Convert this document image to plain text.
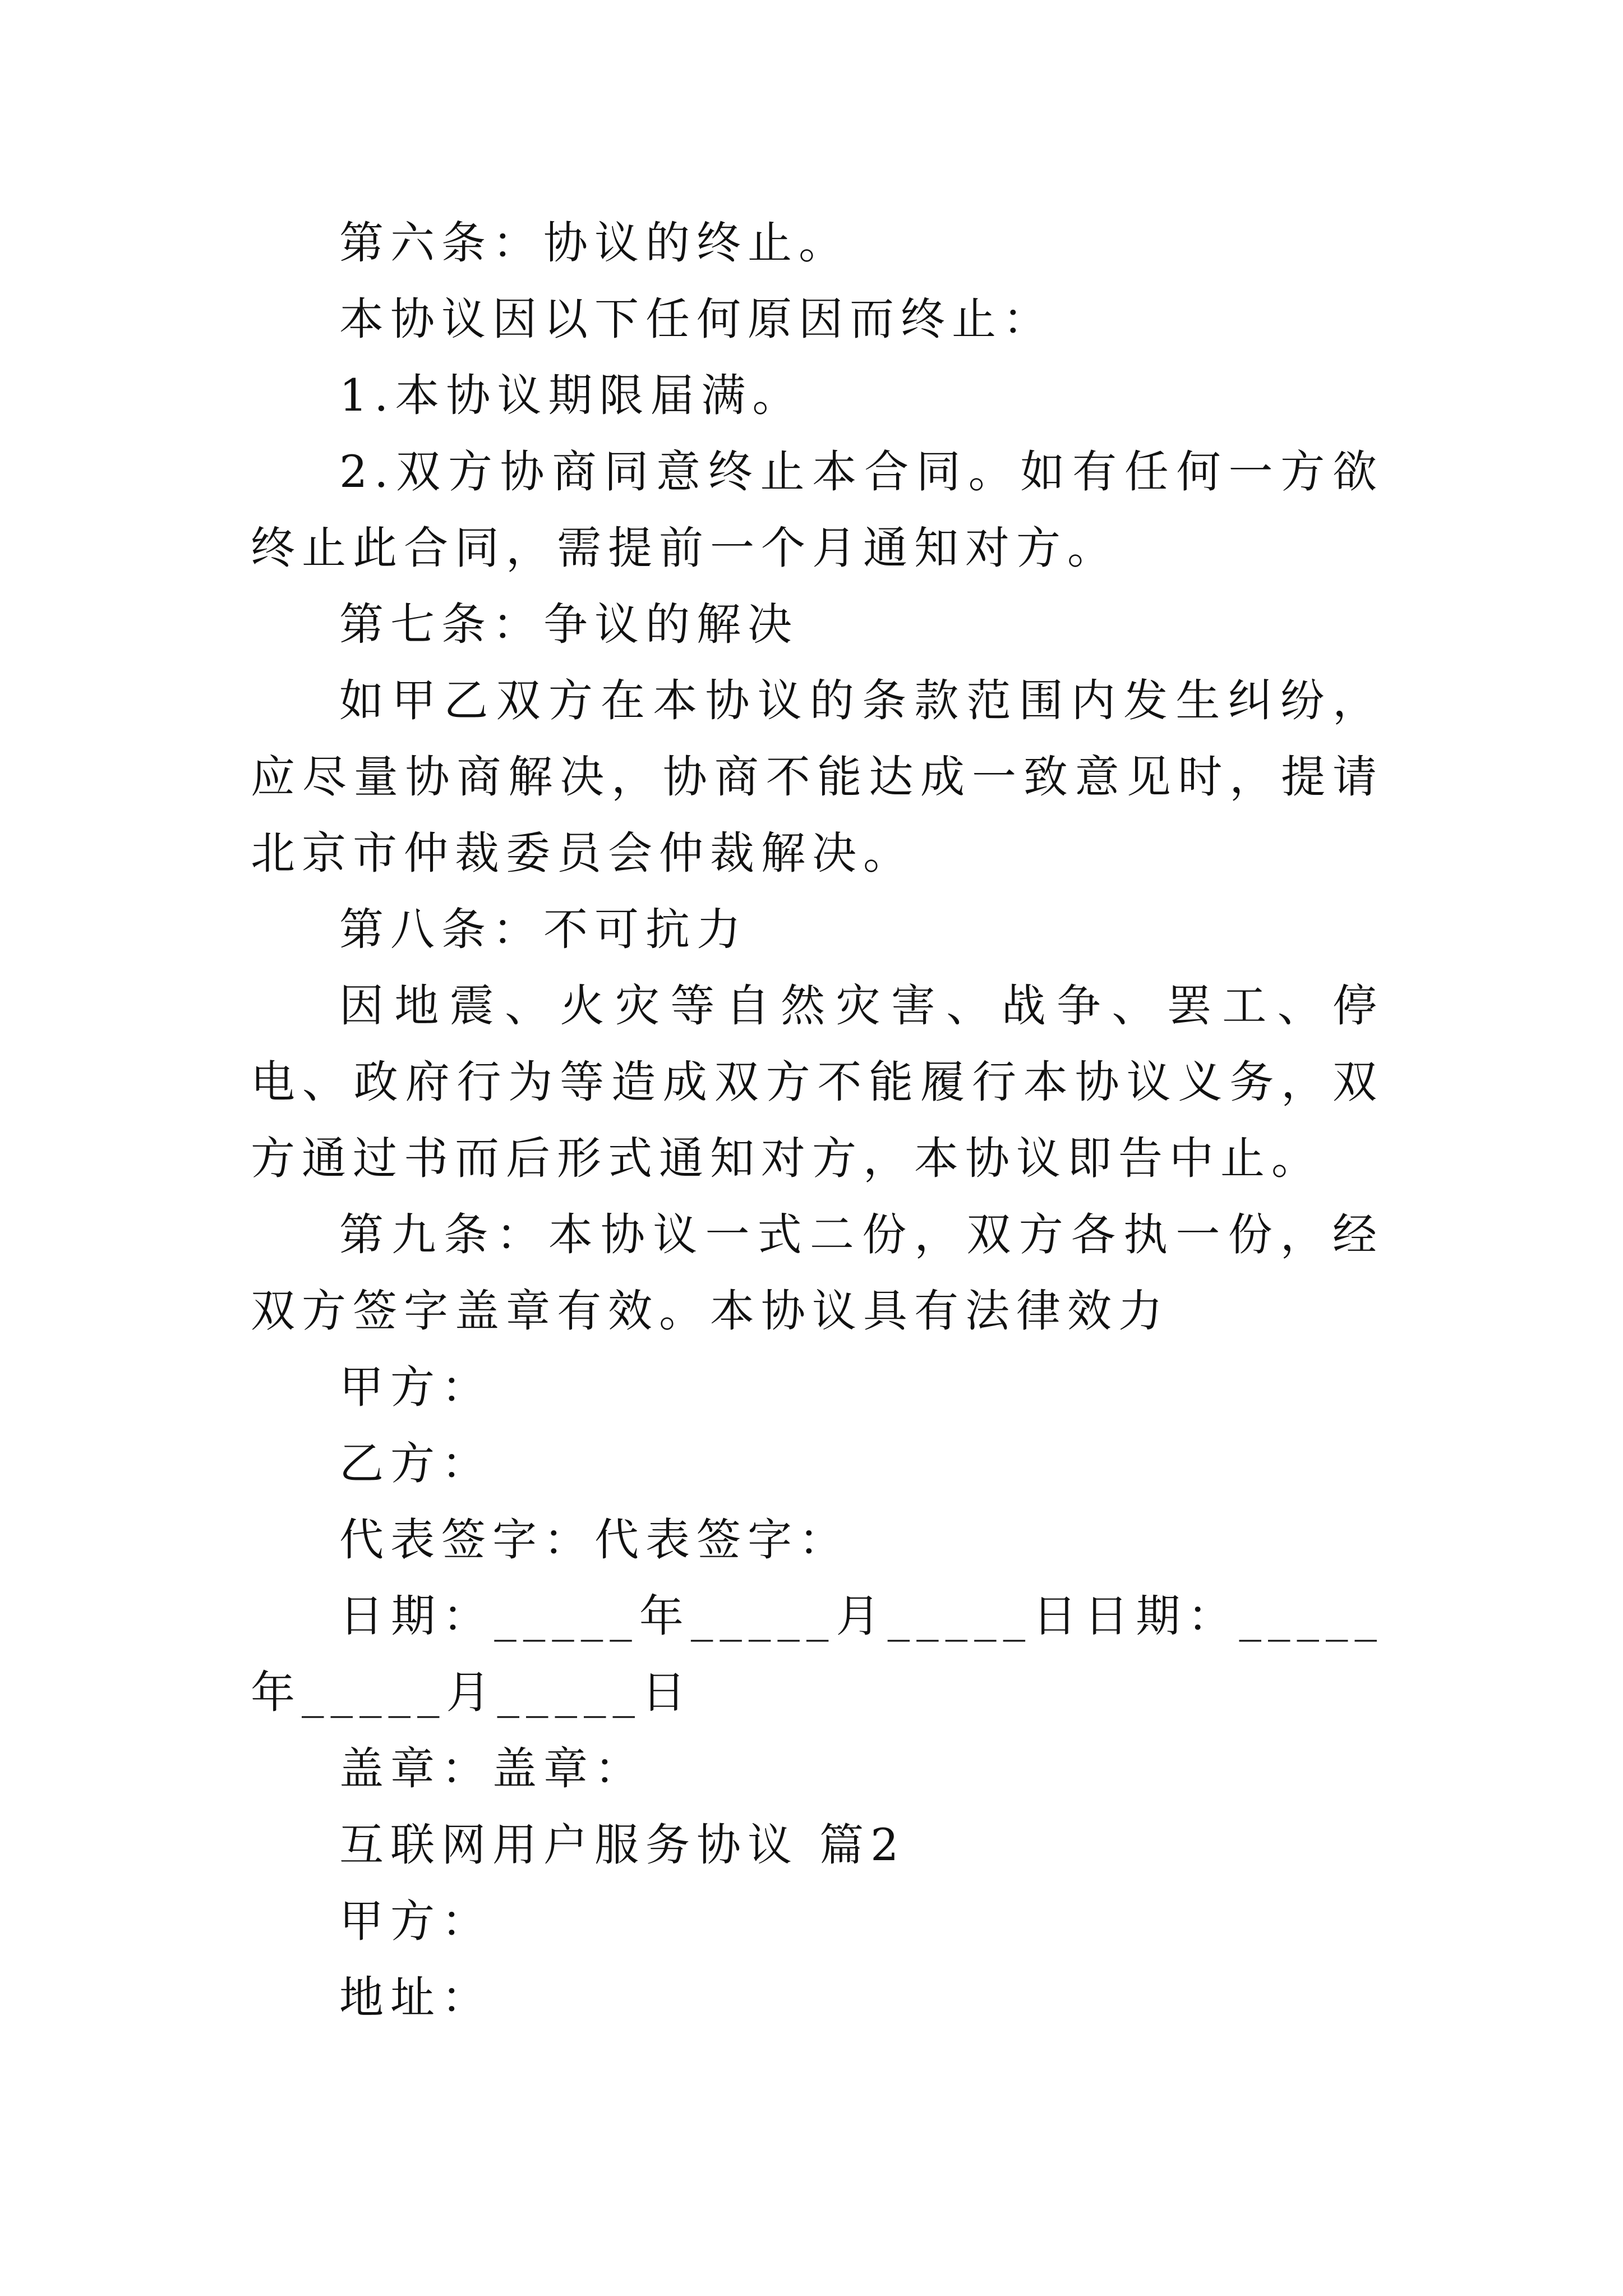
第六条：协议的终止。

本协议因以下任何原因而终止：

1.本协议期限届满。

2.双方协商同意终止本合同。如有任何一方欲终止此合同，需提前一个月通知对方。

第七条：争议的解决

如甲乙双方在本协议的条款范围内发生纠纷，应尽量协商解决，协商不能达成一致意见时，提请北京市仲裁委员会仲裁解决。

第八条：不可抗力

因地震、火灾等自然灾害、战争、罢工、停电、政府行为等造成双方不能履行本协议义务，双方通过书而后形式通知对方，本协议即告中止。

第九条：本协议一式二份，双方各执一份，经双方签字盖章有效。本协议具有法律效力

甲方：

乙方：

代表签字：代表签字：

日期：_____年_____月_____日日期：_____年_____月_____日

盖章：盖章：

互联网用户服务协议 篇2

甲方：

地址：
